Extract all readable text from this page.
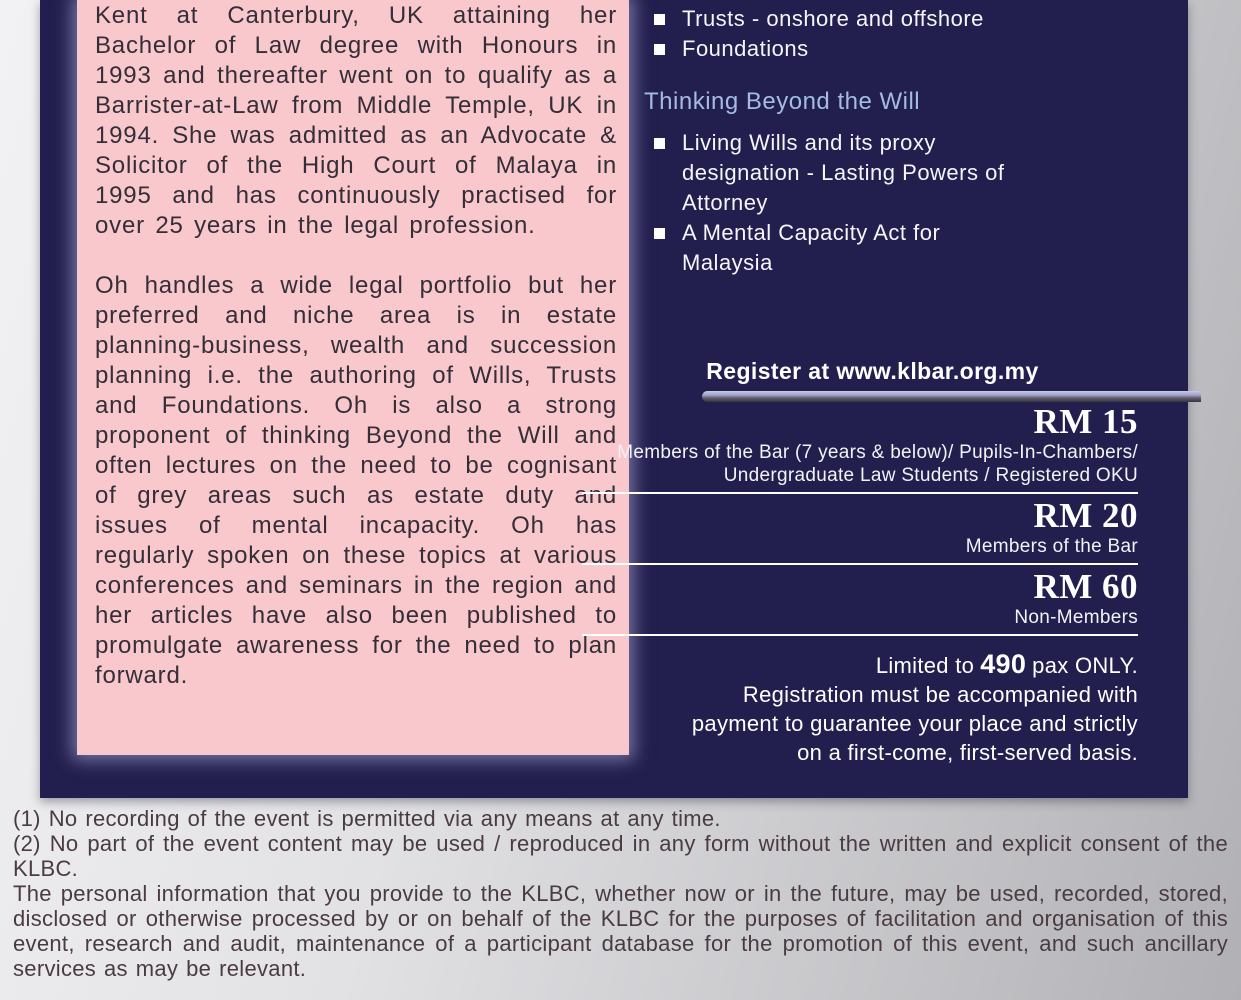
Kent at Canterbury, UK attaining her Bachelor of Law degree with Honours in 1993 and thereafter went on to qualify as a Barrister-at-Law from Middle Temple, UK in 1994. She was admitted as an Advocate & Solicitor of the High Court of Malaya in 1995 and has continuously practised for over 25 years in the legal profession.

Oh handles a wide legal portfolio but her preferred and niche area is in estate planning-business, wealth and succession planning i.e. the authoring of Wills, Trusts and Foundations. Oh is also a strong proponent of thinking Beyond the Will and often lectures on the need to be cognisant of grey areas such as estate duty and issues of mental incapacity. Oh has regularly spoken on these topics at various conferences and seminars in the region and her articles have also been published to promulgate awareness for the need to plan forward.

Trusts - onshore and offshore
Foundations
Thinking Beyond the Will
Living Wills and its proxy
designation - Lasting Powers of
Attorney
A Mental Capacity Act for
Malaysia
Register at www.klbar.org.my
RM 15
Members of the Bar (7 years & below)/ Pupils-In-Chambers/
Undergraduate Law Students / Registered OKU
RM 20
Members of the Bar
RM 60
Non-Members
Limited to 490 pax ONLY.
Registration must be accompanied with
payment to guarantee your place and strictly
on a first-come, first-served basis.

(1) No recording of the event is permitted via any means at any time.

(2) No part of the event content may be used / reproduced in any form without the written and explicit consent of the KLBC.

The personal information that you provide to the KLBC, whether now or in the future, may be used, recorded, stored, disclosed or otherwise processed by or on behalf of the KLBC for the purposes of facilitation and organisation of this event, research and audit, maintenance of a participant database for the promotion of this event, and such ancillary services as may be relevant.
